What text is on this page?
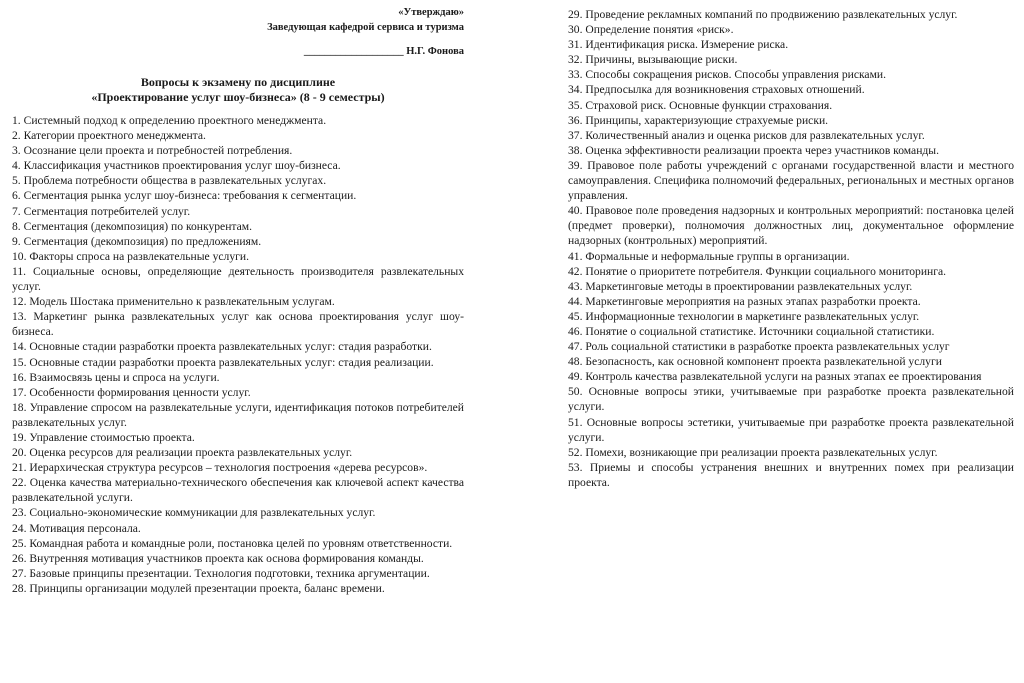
«Утверждаю»
Заведующая кафедрой сервиса и туризма
___________________ Н.Г. Фонова
Вопросы к экзамену по дисциплине
«Проектирование услуг шоу-бизнеса» (8 - 9 семестры)
1. Системный подход к определению проектного менеджмента.
2. Категории проектного менеджмента.
3. Осознание цели проекта и потребностей потребления.
4. Классификация участников проектирования услуг шоу-бизнеса.
5. Проблема потребности общества в развлекательных услугах.
6. Сегментация рынка услуг шоу-бизнеса: требования к сегментации.
7. Сегментация потребителей услуг.
8. Сегментация (декомпозиция) по конкурентам.
9. Сегментация (декомпозиция) по предложениям.
10. Факторы спроса на развлекательные услуги.
11. Социальные основы, определяющие деятельность производителя развлекательных услуг.
12. Модель Шостака применительно к развлекательным услугам.
13. Маркетинг рынка развлекательных услуг как основа проектирования услуг шоу-бизнеса.
14. Основные стадии разработки проекта развлекательных услуг: стадия разработки.
15. Основные стадии разработки проекта развлекательных услуг: стадия реализации.
16. Взаимосвязь цены и спроса на услуги.
17. Особенности формирования ценности услуг.
18. Управление спросом на развлекательные услуги, идентификация потоков потребителей развлекательных услуг.
19. Управление стоимостью проекта.
20. Оценка ресурсов для реализации проекта развлекательных услуг.
21. Иерархическая структура ресурсов – технология построения «дерева ресурсов».
22. Оценка качества материально-технического обеспечения как ключевой аспект качества развлекательной услуги.
23. Социально-экономические коммуникации для развлекательных услуг.
24. Мотивация персонала.
25. Командная работа и командные роли, постановка целей по уровням ответственности.
26. Внутренняя мотивация участников проекта как основа формирования команды.
27. Базовые принципы презентации. Технология подготовки, техника аргументации.
28. Принципы организации модулей презентации проекта, баланс времени.
29. Проведение рекламных компаний по продвижению развлекательных услуг.
30. Определение понятия «риск».
31. Идентификация риска. Измерение риска.
32. Причины, вызывающие риски.
33. Способы сокращения рисков. Способы управления рисками.
34. Предпосылка для возникновения страховых отношений.
35. Страховой риск. Основные функции страхования.
36. Принципы, характеризующие страхуемые риски.
37. Количественный анализ и оценка рисков для развлекательных услуг.
38. Оценка эффективности реализации проекта через участников команды.
39. Правовое поле работы учреждений с органами государственной власти и местного самоуправления. Специфика полномочий федеральных, региональных и местных органов управления.
40. Правовое поле проведения надзорных и контрольных мероприятий: постановка целей (предмет проверки), полномочия должностных лиц, документальное оформление надзорных (контрольных) мероприятий.
41. Формальные и неформальные группы в организации.
42. Понятие о приоритете потребителя. Функции социального мониторинга.
43. Маркетинговые методы в проектировании развлекательных услуг.
44. Маркетинговые мероприятия на разных этапах разработки проекта.
45. Информационные технологии в маркетинге развлекательных услуг.
46. Понятие о социальной статистике. Источники социальной статистики.
47. Роль социальной статистики в разработке проекта развлекательных услуг
48. Безопасность, как основной компонент проекта развлекательной услуги
49. Контроль качества развлекательной услуги на разных этапах ее проектирования
50. Основные вопросы этики, учитываемые при разработке проекта развлекательной услуги.
51. Основные вопросы эстетики, учитываемые при разработке проекта развлекательной услуги.
52. Помехи, возникающие при реализации проекта развлекательных услуг.
53. Приемы и способы устранения внешних и внутренних помех при реализации проекта.
